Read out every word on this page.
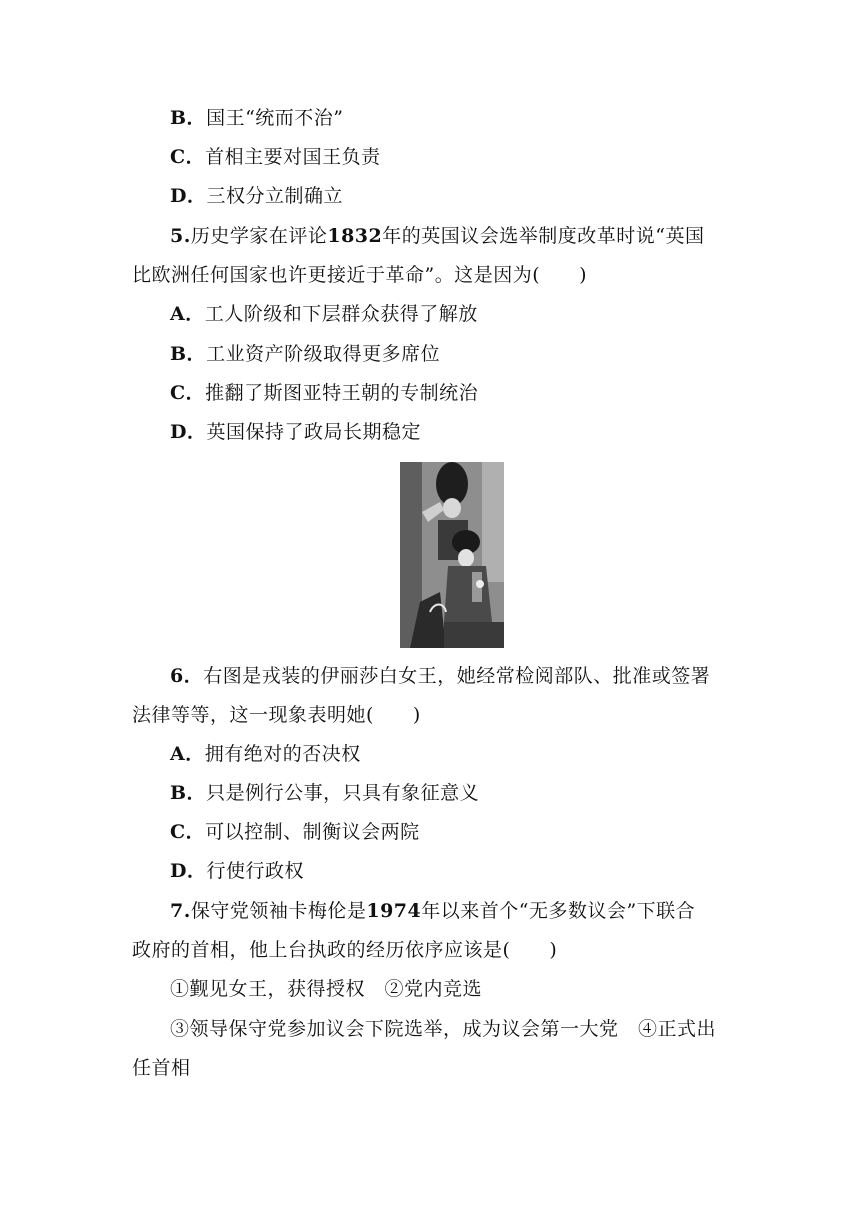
B．国王“统而不治”
C．首相主要对国王负责
D．三权分立制确立
5.历史学家在评论1832年的英国议会选举制度改革时说“英国
比欧洲任何国家也许更接近于革命”。这是因为(　　)
A．工人阶级和下层群众获得了解放
B．工业资产阶级取得更多席位
C．推翻了斯图亚特王朝的专制统治
D．英国保持了政局长期稳定
6．右图是戎装的伊丽莎白女王，她经常检阅部队、批准或签署
法律等等，这一现象表明她(　　)
A．拥有绝对的否决权
B．只是例行公事，只具有象征意义
C．可以控制、制衡议会两院
D．行使行政权
7.保守党领袖卡梅伦是1974年以来首个“无多数议会”下联合
政府的首相，他上台执政的经历依序应该是(　　)
①觐见女王，获得授权　②党内竞选
③领导保守党参加议会下院选举，成为议会第一大党　④正式出
任首相
